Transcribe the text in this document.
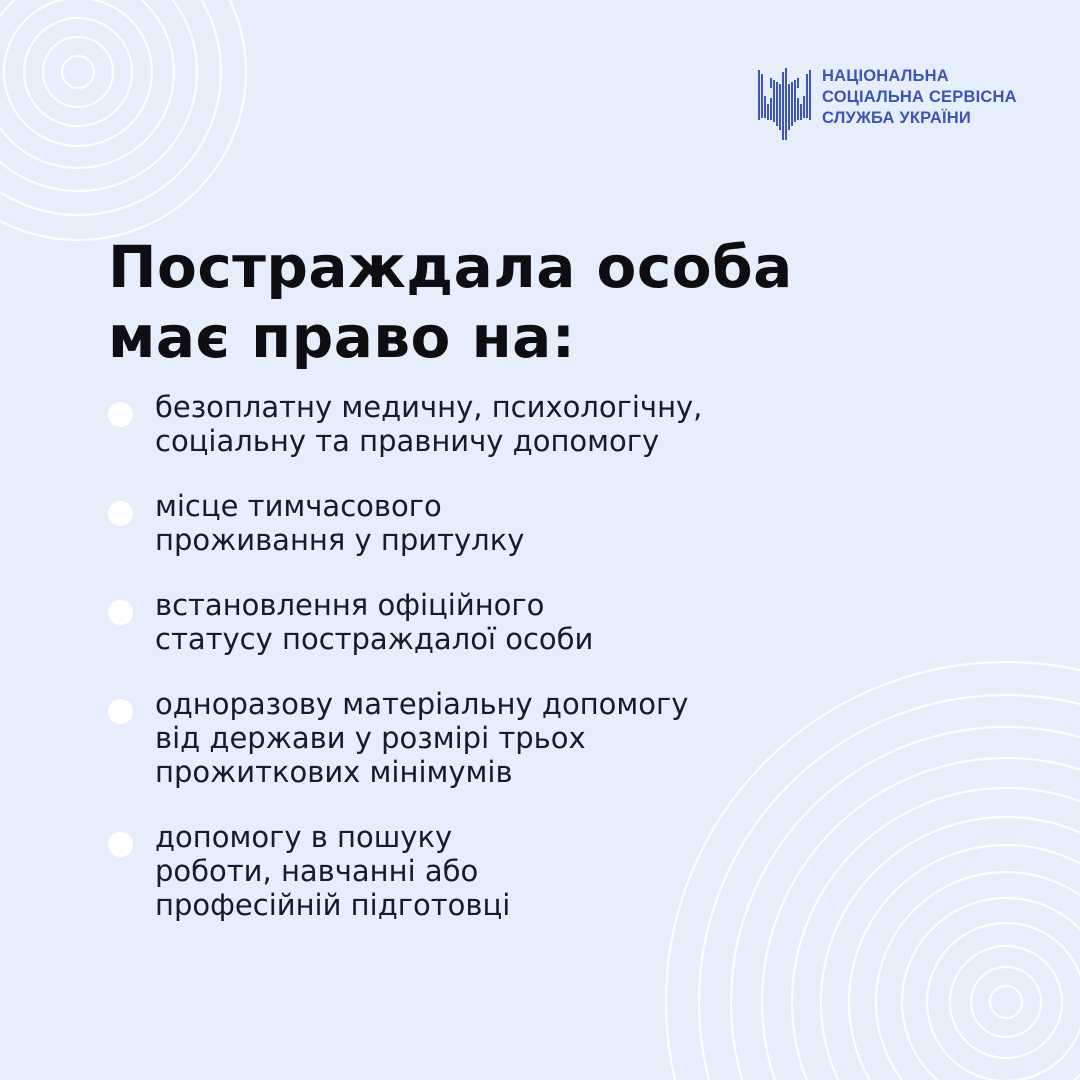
НАЦІОНАЛЬНА
СОЦІАЛЬНА СЕРВІСНА
СЛУЖБА УКРАЇНИ
Постраждала особа
має право на:
безоплатну медичну, психологічну,
соціальну та правничу допомогу
місце тимчасового
проживання у притулку
встановлення офіційного
статусу постраждалої особи
одноразову матеріальну допомогу
від держави у розмірі трьох
прожиткових мінімумів
допомогу в пошуку
роботи, навчанні або
професійній підготовці
